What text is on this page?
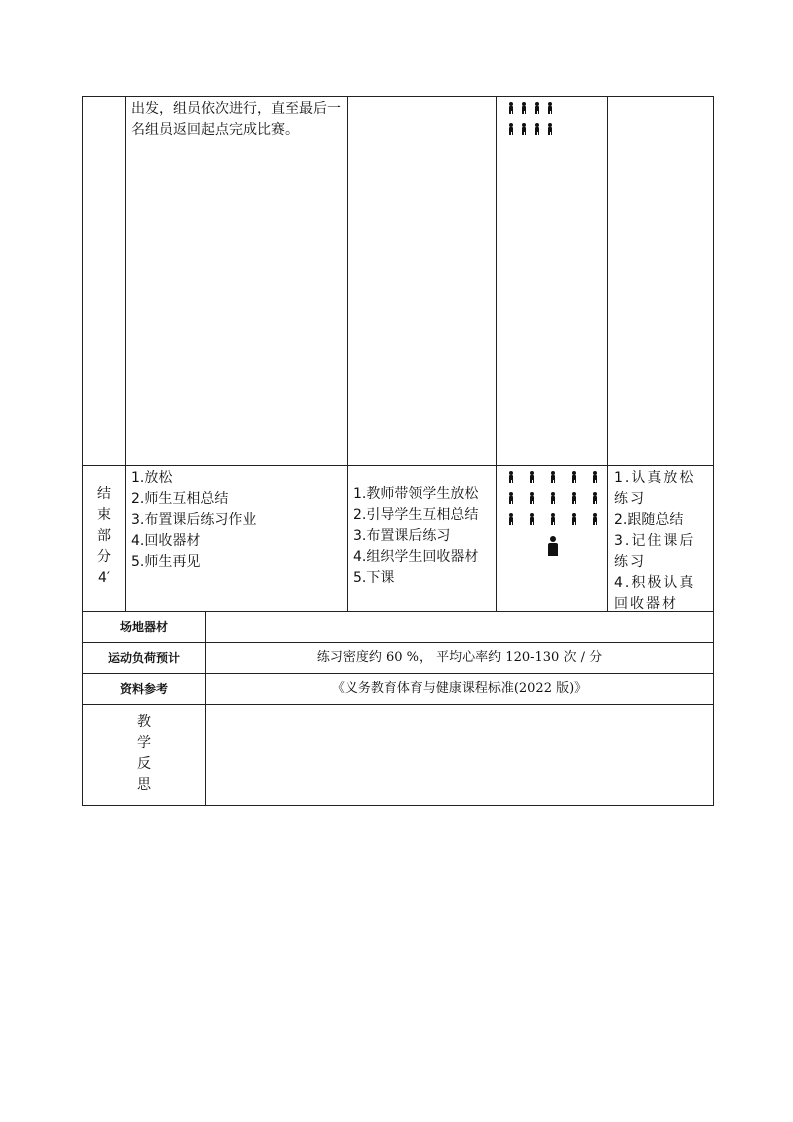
出发，组员依次进行，直至最后一
名组员返回起点完成比赛。
结
束
部
分
4′
1.放松
2.师生互相总结
3.布置课后练习作业
4.回收器材
5.师生再见
1.教师带领学生放松
2.引导学生互相总结
3.布置课后练习
4.组织学生回收器材
5.下课
1.认真放松练习
2.跟随总结
3.记住课后练习
4.积极认真回收器材
场地器材
运动负荷预计	练习密度约 60 %， 平均心率约 120-130 次 / 分
资料参考	《义务教育体育与健康课程标准(2022 版)》
教
学
反
思
